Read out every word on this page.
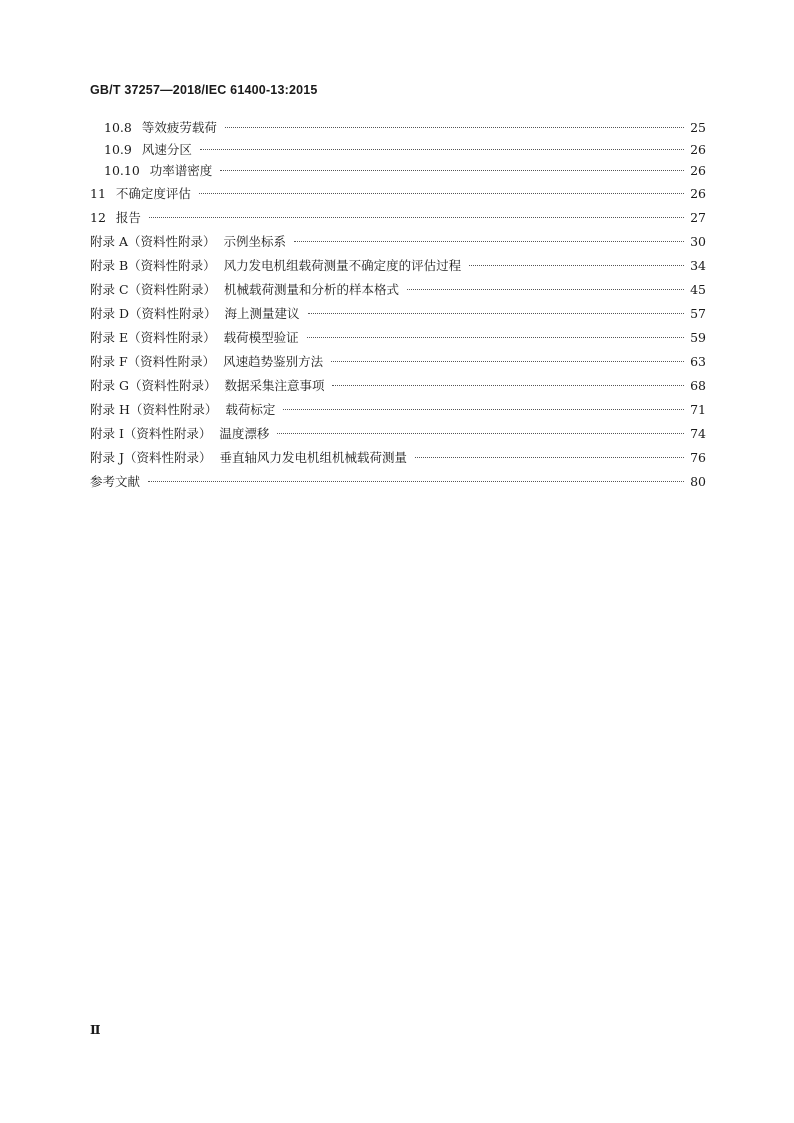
GB/T 37257—2018/IEC 61400-13:2015
10.8 等效疲劳载荷	25
10.9 风速分区	26
10.10 功率谱密度	26
11 不确定度评估	26
12 报告	27
附录 A（资料性附录） 示例坐标系	30
附录 B（资料性附录） 风力发电机组载荷测量不确定度的评估过程	34
附录 C（资料性附录） 机械载荷测量和分析的样本格式	45
附录 D（资料性附录） 海上测量建议	57
附录 E（资料性附录） 载荷模型验证	59
附录 F（资料性附录） 风速趋势鉴别方法	63
附录 G（资料性附录） 数据采集注意事项	68
附录 H（资料性附录） 载荷标定	71
附录 I（资料性附录） 温度漂移	74
附录 J（资料性附录） 垂直轴风力发电机组机械载荷测量	76
参考文献	80
Ⅱ
